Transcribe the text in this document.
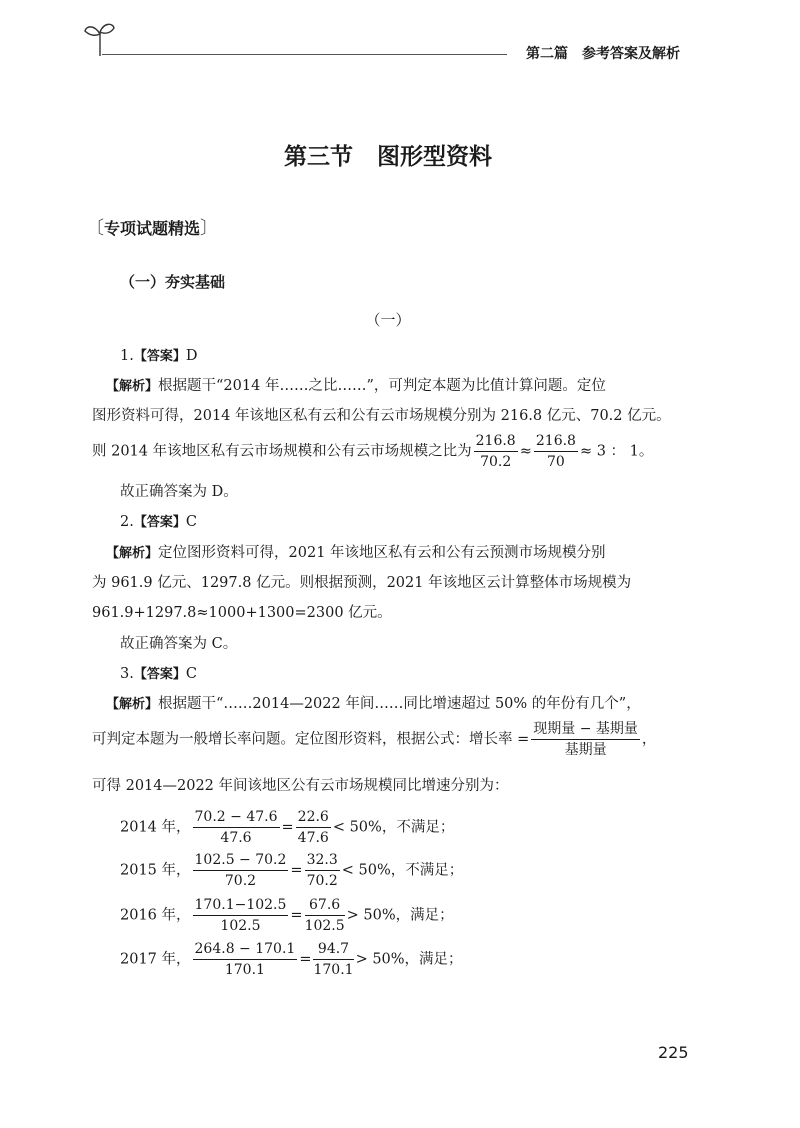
第二篇 参考答案及解析
第三节 图形型资料
〔专项试题精选〕
（一）夯实基础
（一）
1.【答案】D
【解析】根据题干“2014 年……之比……”，可判定本题为比值计算问题。定位
图形资料可得，2014 年该地区私有云和公有云市场规模分别为 216.8 亿元、70.2 亿元。
则 2014 年该地区私有云市场规模和公有云市场规模之比为 $\frac{216.8}{70.2} \approx \frac{216.8}{70} \approx 3$ ： 1。
故正确答案为 D。
2.【答案】C
【解析】定位图形资料可得，2021 年该地区私有云和公有云预测市场规模分别
为 961.9 亿元、1297.8 亿元。则根据预测，2021 年该地区云计算整体市场规模为
961.9+1297.8≈1000+1300=2300 亿元。
故正确答案为 C。
3.【答案】C
【解析】根据题干“……2014—2022 年间……同比增速超过 50% 的年份有几个”，
可判定本题为一般增长率问题。定位图形资料，根据公式：增长率 = $\frac{\text{现期量 − 基期量}}{\text{基期量}}$ ，
可得 2014—2022 年间该地区公有云市场规模同比增速分别为：
2014 年， $\frac{70.2 - 47.6}{47.6} = \frac{22.6}{47.6} < 50\%$，不满足；
2015 年， $\frac{102.5 - 70.2}{70.2} = \frac{32.3}{70.2} < 50\%$，不满足；
2016 年， $\frac{170.1-102.5}{102.5} = \frac{67.6}{102.5} > 50\%$，满足；
2017 年， $\frac{264.8 - 170.1}{170.1} = \frac{94.7}{170.1} > 50\%$，满足；
225
